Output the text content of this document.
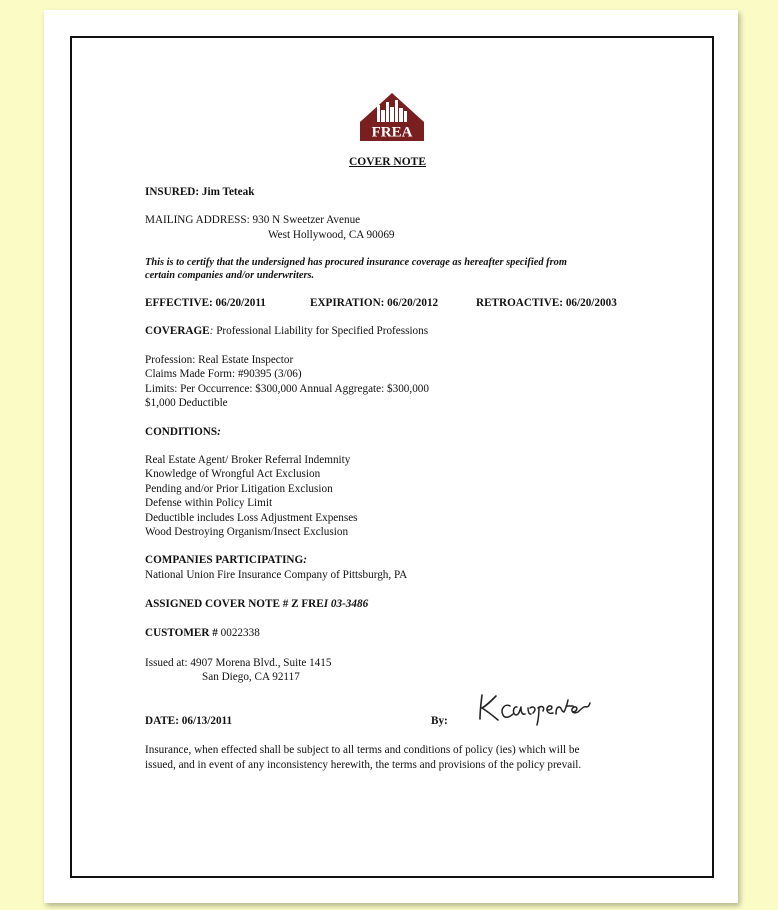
FREA
COVER NOTE
INSURED: Jim Teteak
MAILING ADDRESS: 930 N Sweetzer Avenue
West Hollywood, CA 90069
This is to certify that the undersigned has procured insurance coverage as hereafter specified from
certain companies and/or underwriters.
EFFECTIVE: 06/20/2011	EXPIRATION: 06/20/2012	RETROACTIVE: 06/20/2003
COVERAGE: Professional Liability for Specified Professions
Profession: Real Estate Inspector
Claims Made Form: #90395 (3/06)
Limits: Per Occurrence: $300,000 Annual Aggregate: $300,000
$1,000 Deductible
CONDITIONS:
Real Estate Agent/ Broker Referral Indemnity
Knowledge of Wrongful Act Exclusion
Pending and/or Prior Litigation Exclusion
Defense within Policy Limit
Deductible includes Loss Adjustment Expenses
Wood Destroying Organism/Insect Exclusion
COMPANIES PARTICIPATING:
National Union Fire Insurance Company of Pittsburgh, PA
ASSIGNED COVER NOTE # Z FREI 03-3486
CUSTOMER # 0022338
Issued at: 4907 Morena Blvd., Suite 1415
San Diego, CA 92117
DATE: 06/13/2011	By:
Insurance, when effected shall be subject to all terms and conditions of policy (ies) which will be
issued, and in event of any inconsistency herewith, the terms and provisions of the policy prevail.
